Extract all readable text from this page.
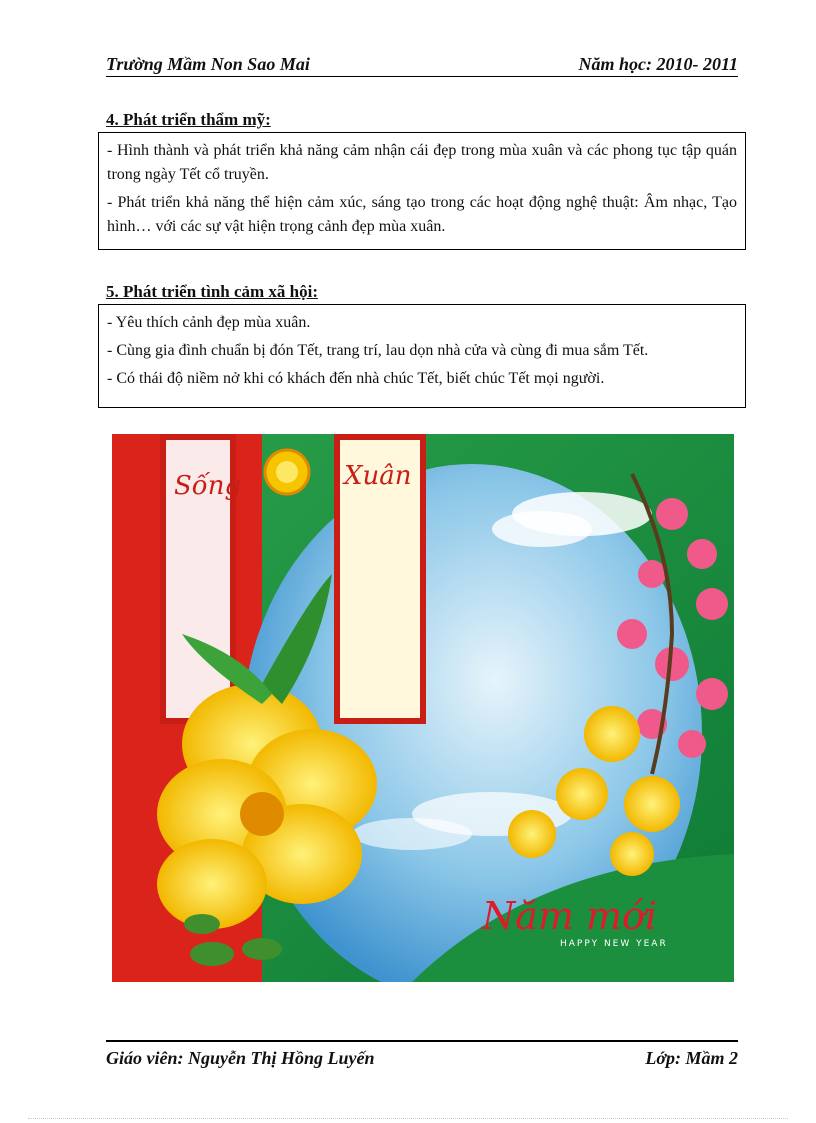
Trường Mầm Non Sao Mai	Năm học: 2010- 2011
4. Phát triển thẩm mỹ:

- Hình thành và phát triển khả năng cảm nhận cái đẹp trong mùa xuân và các phong tục tập quán trong ngày Tết cổ truyền.

- Phát triển khả năng thể hiện cảm xúc, sáng tạo trong các hoạt động nghệ thuật: Âm nhạc, Tạo hình… với các sự vật hiện trọng cảnh đẹp mùa xuân.

5. Phát triển tình cảm xã hội:

- Yêu thích cảnh đẹp mùa xuân.

- Cùng gia đình chuẩn bị đón Tết, trang trí, lau dọn nhà cửa và cùng đi mua sắm Tết.

- Có thái độ niềm nở khi có khách đến nhà chúc Tết, biết chúc Tết mọi người.

Năm mới
HAPPY NEW YEAR
Sống	Xuân
Giáo viên: Nguyễn Thị Hồng Luyến	Lớp: Mầm 2
